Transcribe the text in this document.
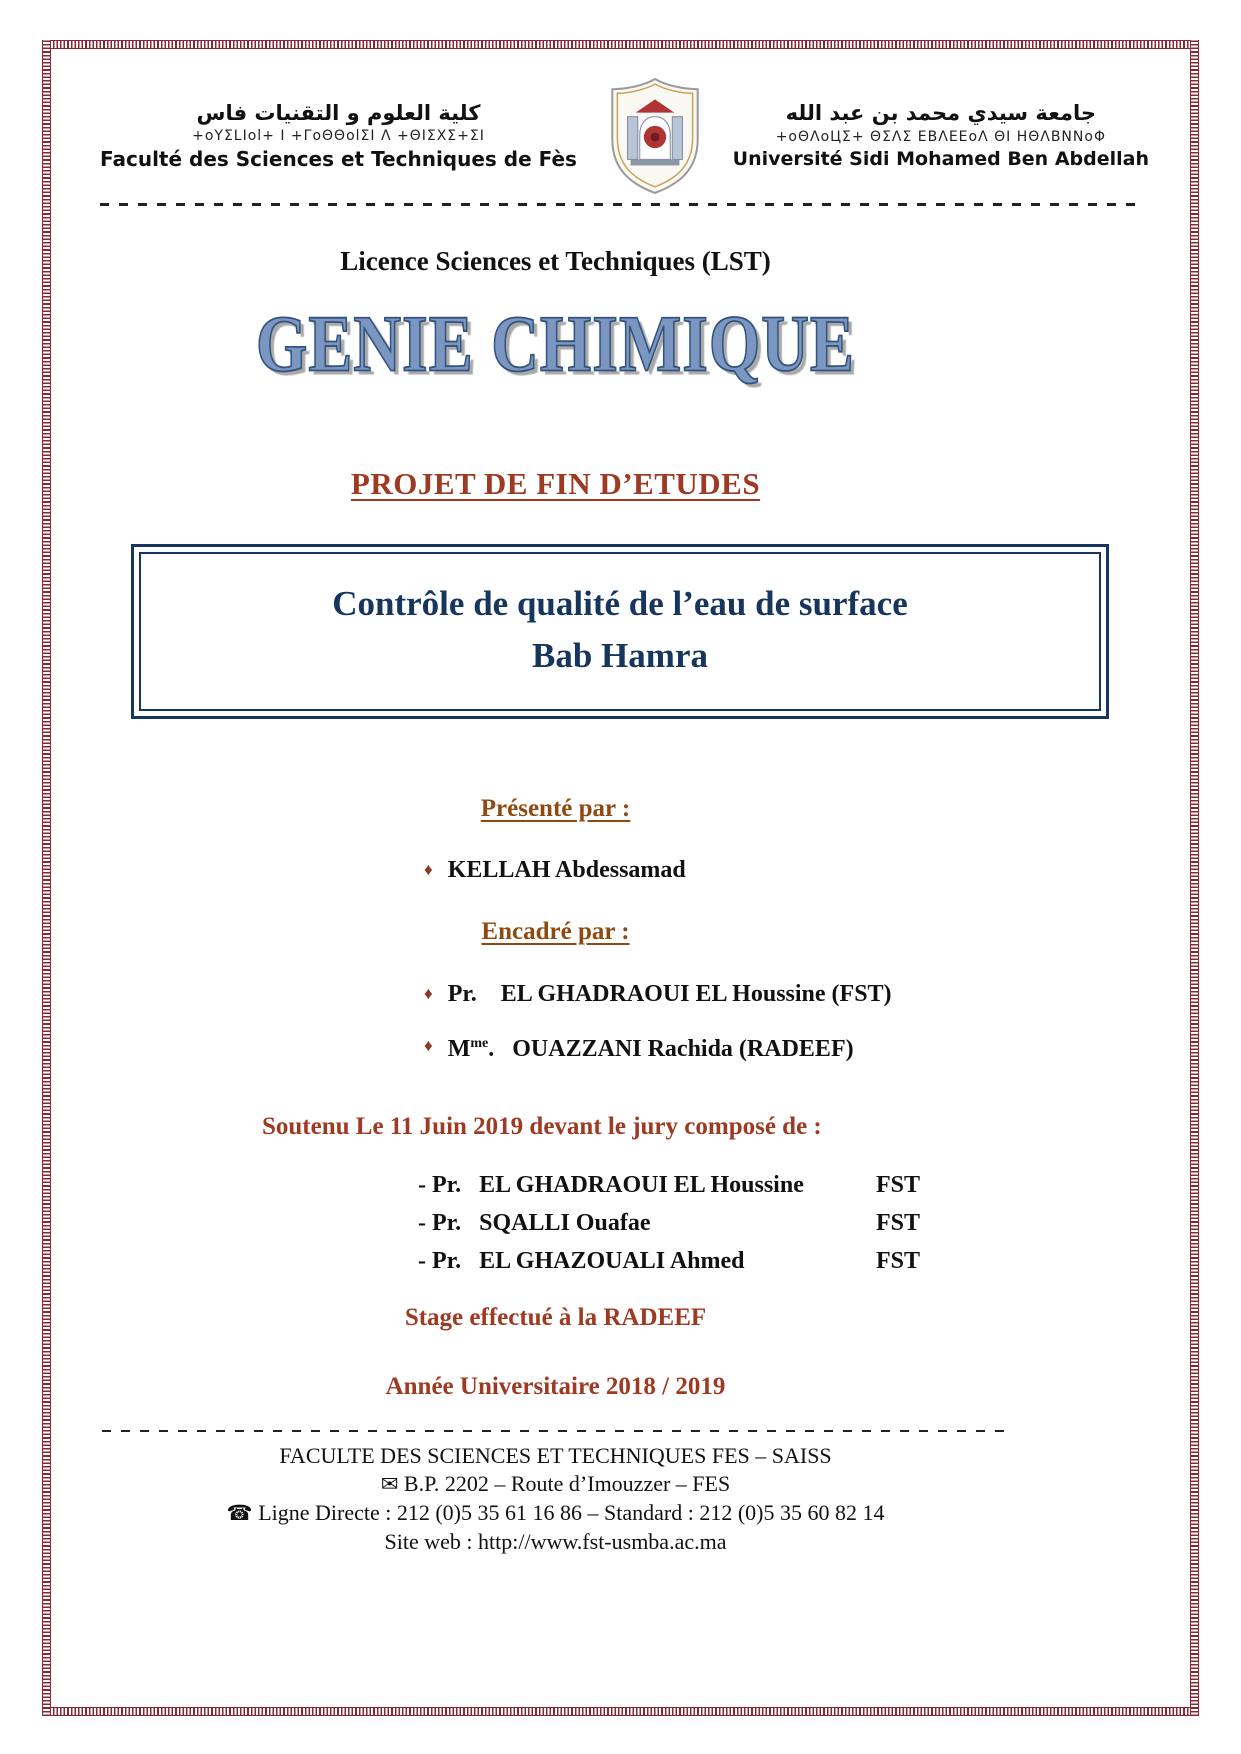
كلية العلوم و التقنيات فاس
+oYΣLIol+ I +ΓoΘΘolΣI Λ +ΘIΣXΣ+ΣI
Faculté des Sciences et Techniques de Fès
جامعة سيدي محمد بن عبد الله
+oΘΛoЦΣ+ ΘΣΛΣ ΕΒΛΕΕoΛ ΘΙ ΗΘΛΒΝΝoΦ
Université Sidi Mohamed Ben Abdellah
Licence Sciences et Techniques (LST)
GENIE CHIMIQUE
PROJET DE FIN D’ETUDES
Contrôle de qualité de l’eau de surface
Bab Hamra
Présenté par :
♦ KELLAH Abdessamad
Encadré par :
♦ Pr.    EL GHADRAOUI EL Houssine (FST)
♦ $M^{me}$.   OUAZZANI Rachida (RADEEF)
Soutenu Le 11 Juin 2019 devant le jury composé de :
- Pr.   EL GHADRAOUI EL Houssine	FST
- Pr.   SQALLI Ouafae	FST
- Pr.   EL GHAZOUALI Ahmed	FST
Stage effectué à la RADEEF
Année Universitaire 2018 / 2019
FACULTE DES SCIENCES ET TECHNIQUES FES – SAISS
✉ B.P. 2202 – Route d’Imouzzer – FES
☎ Ligne Directe : 212 (0)5 35 61 16 86 – Standard : 212 (0)5 35 60 82 14
Site web : http://www.fst-usmba.ac.ma
